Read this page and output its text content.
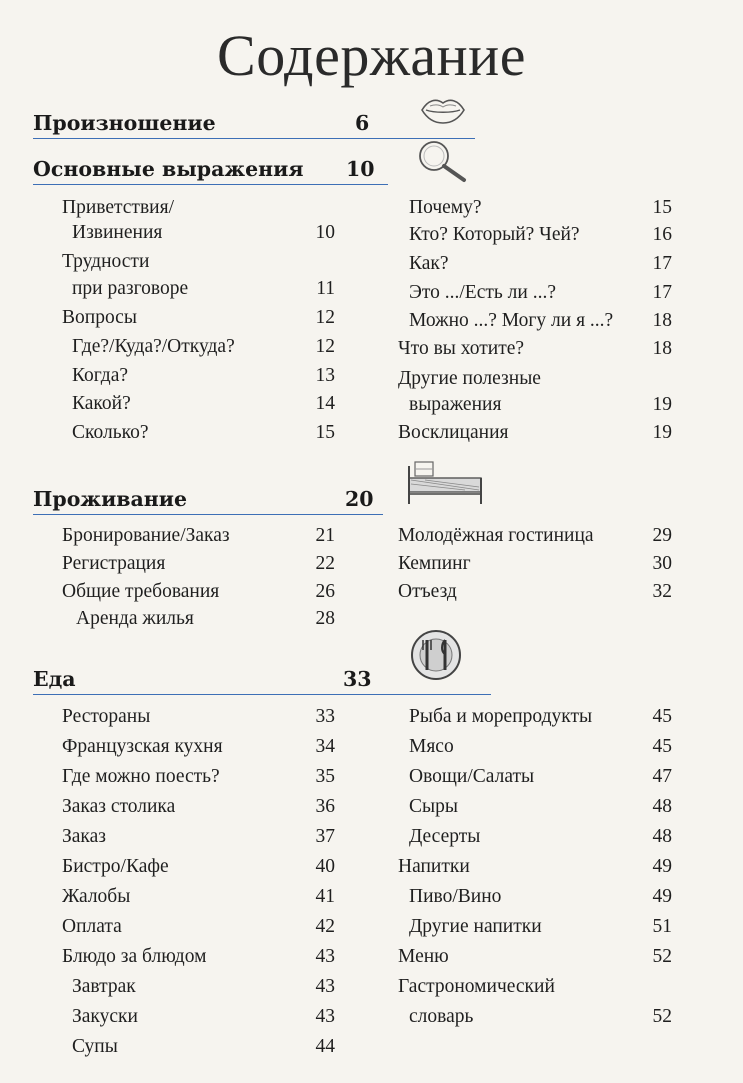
Содержание
Произношение	6
Основные выражения 10
Проживание	20
Еда	33
Приветствия/
Извинения	10
Трудности
при разговоре	11
Вопросы	12
Где?/Куда?/Откуда?	12
Когда?	13
Какой?	14
Сколько?	15
Почему?	15
Кто? Который? Чей?	16
Как?	17
Это .../Есть ли ...?	17
Можно ...? Могу ли я ...?	18
Что вы хотите?	18
Другие полезные
выражения	19
Восклицания	19
Бронирование/Заказ	21
Регистрация	22
Общие требования	26
Аренда жилья	28
Молодёжная гостиница	29
Кемпинг	30
Отъезд	32
Рестораны	33
Французская кухня	34
Где можно поесть?	35
Заказ столика	36
Заказ	37
Бистро/Кафе	40
Жалобы	41
Оплата	42
Блюдо за блюдом	43
Завтрак	43
Закуски	43
Супы	44
Рыба и морепродукты	45
Мясо	45
Овощи/Салаты	47
Сыры	48
Десерты	48
Напитки	49
Пиво/Вино	49
Другие напитки	51
Меню	52
Гастрономический
словарь	52
